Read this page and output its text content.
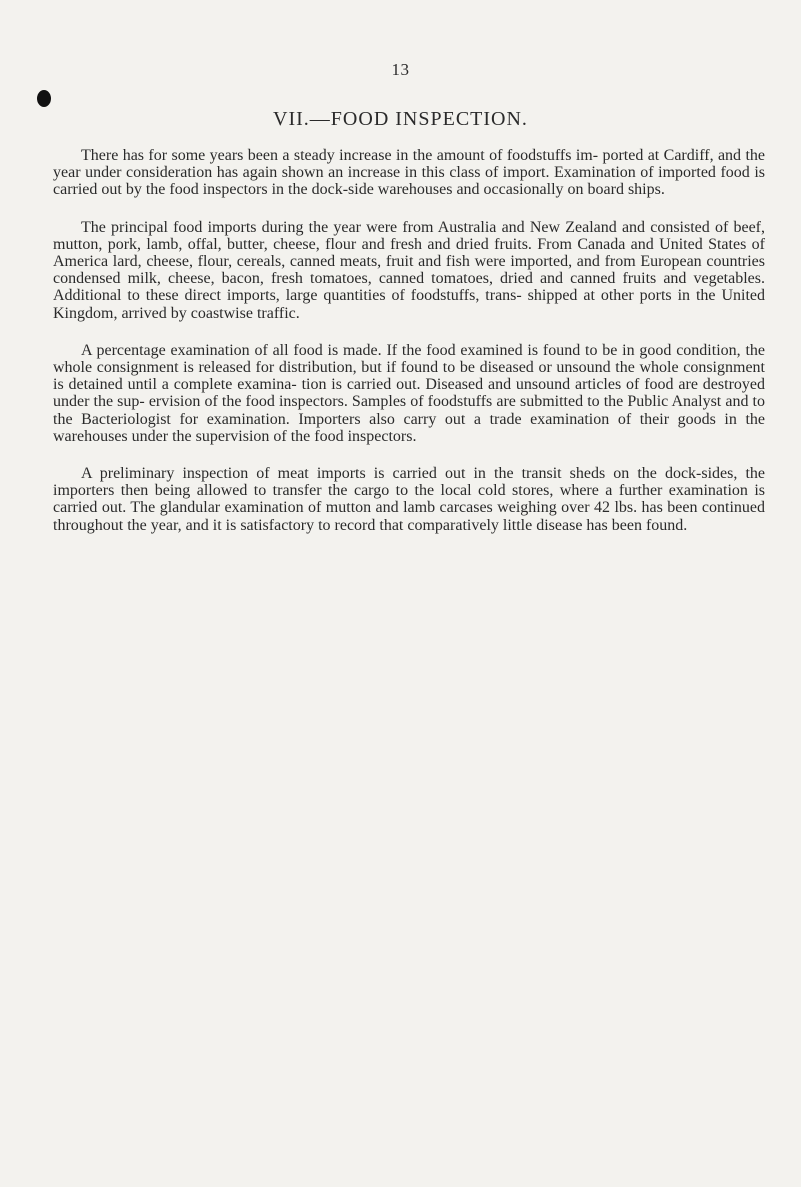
13
VII.—FOOD INSPECTION.

There has for some years been a steady increase in the amount of foodstuffs im- ported at Cardiff, and the year under consideration has again shown an increase in this class of import. Examination of imported food is carried out by the food inspectors in the dock-side warehouses and occasionally on board ships.

The principal food imports during the year were from Australia and New Zealand and consisted of beef, mutton, pork, lamb, offal, butter, cheese, flour and fresh and dried fruits. From Canada and United States of America lard, cheese, flour, cereals, canned meats, fruit and fish were imported, and from European countries condensed milk, cheese, bacon, fresh tomatoes, canned tomatoes, dried and canned fruits and vegetables. Additional to these direct imports, large quantities of foodstuffs, trans- shipped at other ports in the United Kingdom, arrived by coastwise traffic.

A percentage examination of all food is made. If the food examined is found to be in good condition, the whole consignment is released for distribution, but if found to be diseased or unsound the whole consignment is detained until a complete examina- tion is carried out. Diseased and unsound articles of food are destroyed under the sup- ervision of the food inspectors. Samples of foodstuffs are submitted to the Public Analyst and to the Bacteriologist for examination. Importers also carry out a trade examination of their goods in the warehouses under the supervision of the food inspectors.

A preliminary inspection of meat imports is carried out in the transit sheds on the dock-sides, the importers then being allowed to transfer the cargo to the local cold stores, where a further examination is carried out. The glandular examination of mutton and lamb carcases weighing over 42 lbs. has been continued throughout the year, and it is satisfactory to record that comparatively little disease has been found.
